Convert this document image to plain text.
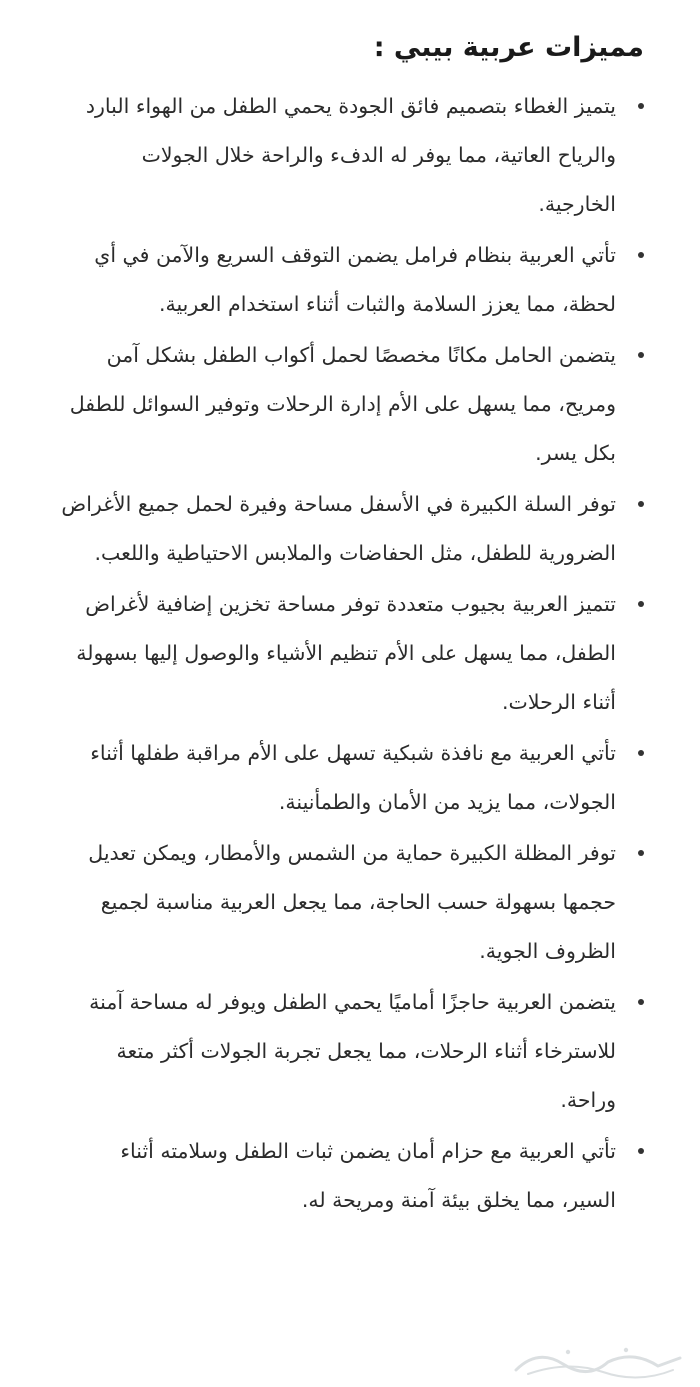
مميزات عربية بيبي :
يتميز الغطاء بتصميم فائق الجودة يحمي الطفل من الهواء البارد والرياح العاتية، مما يوفر له الدفء والراحة خلال الجولات الخارجية.
تأتي العربية بنظام فرامل يضمن التوقف السريع والآمن في أي لحظة، مما يعزز السلامة والثبات أثناء استخدام العربية.
يتضمن الحامل مكانًا مخصصًا لحمل أكواب الطفل بشكل آمن ومريح، مما يسهل على الأم إدارة الرحلات وتوفير السوائل للطفل بكل يسر.
توفر السلة الكبيرة في الأسفل مساحة وفيرة لحمل جميع الأغراض الضرورية للطفل، مثل الحفاضات والملابس الاحتياطية واللعب.
تتميز العربية بجيوب متعددة توفر مساحة تخزين إضافية لأغراض الطفل، مما يسهل على الأم تنظيم الأشياء والوصول إليها بسهولة أثناء الرحلات.
تأتي العربية مع نافذة شبكية تسهل على الأم مراقبة طفلها أثناء الجولات، مما يزيد من الأمان والطمأنينة.
توفر المظلة الكبيرة حماية من الشمس والأمطار، ويمكن تعديل حجمها بسهولة حسب الحاجة، مما يجعل العربية مناسبة لجميع الظروف الجوية.
يتضمن العربية حاجزًا أماميًا يحمي الطفل ويوفر له مساحة آمنة للاسترخاء أثناء الرحلات، مما يجعل تجربة الجولات أكثر متعة وراحة.
تأتي العربية مع حزام أمان يضمن ثبات الطفل وسلامته أثناء السير، مما يخلق بيئة آمنة ومريحة له.
